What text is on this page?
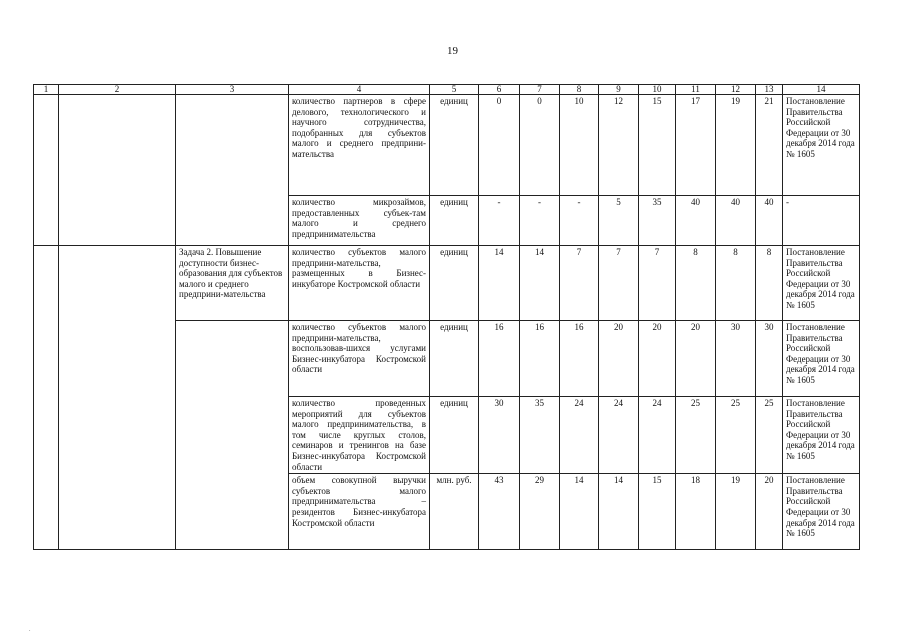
19
1	2	3	4	5	6	7	8	9	10	11	12	13	14
			количество партнеров в сфере делового, технологического и научного сотрудничества, подобранных для субъектов малого и среднего предприни-мательства	единиц	0	0	10	12	15	17	19	21	Постановление Правительства Российской Федерации от 30 декабря 2014 года № 1605
			количество микрозаймов, предоставленных субъек-там малого и среднего предпринимательства	единиц	-	-	-	5	35	40	40	40	-
		Задача 2. Повышение доступности бизнес-образования для субъектов малого и среднего предприни-мательства	количество субъектов малого предприни-мательства, размещенных в Бизнес-инкубаторе Костромской области	единиц	14	14	7	7	7	8	8	8	Постановление Правительства Российской Федерации от 30 декабря 2014 года № 1605
			количество субъектов малого предприни-мательства, воспользовав-шихся услугами Бизнес-инкубатора Костромской области	единиц	16	16	16	20	20	20	30	30	Постановление Правительства Российской Федерации от 30 декабря 2014 года № 1605
			количество проведенных мероприятий для субъектов малого предпринимательства, в том числе круглых столов, семинаров и тренингов на базе Бизнес-инкубатора Костромской области	единиц	30	35	24	24	24	25	25	25	Постановление Правительства Российской Федерации от 30 декабря 2014 года № 1605
			объем совокупной выручки субъектов малого предпринимательства – резидентов Бизнес-инкубатора Костромской области	млн. руб.	43	29	14	14	15	18	19	20	Постановление Правительства Российской Федерации от 30 декабря 2014 года № 1605
.
